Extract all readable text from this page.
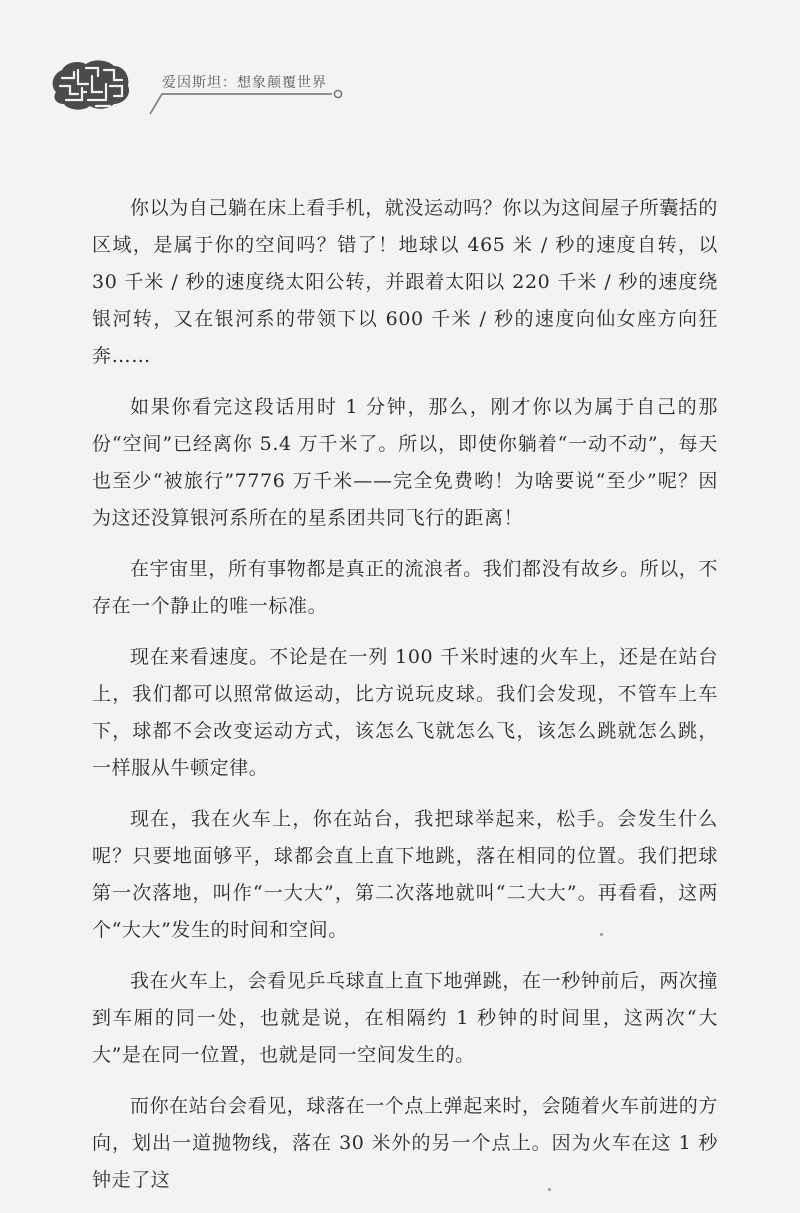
爱因斯坦：想象颠覆世界

你以为自己躺在床上看手机，就没运动吗？你以为这间屋子所囊括的区域，是属于你的空间吗？错了！地球以 465 米 / 秒的速度自转，以 30 千米 / 秒的速度绕太阳公转，并跟着太阳以 220 千米 / 秒的速度绕银河转，又在银河系的带领下以 600 千米 / 秒的速度向仙女座方向狂奔……

如果你看完这段话用时 1 分钟，那么，刚才你以为属于自己的那份“空间”已经离你 5.4 万千米了。所以，即使你躺着“一动不动”，每天也至少“被旅行”7776 万千米——完全免费哟！为啥要说“至少”呢？因为这还没算银河系所在的星系团共同飞行的距离！

在宇宙里，所有事物都是真正的流浪者。我们都没有故乡。所以，不存在一个静止的唯一标准。

现在来看速度。不论是在一列 100 千米时速的火车上，还是在站台上，我们都可以照常做运动，比方说玩皮球。我们会发现，不管车上车下，球都不会改变运动方式，该怎么飞就怎么飞，该怎么跳就怎么跳，一样服从牛顿定律。

现在，我在火车上，你在站台，我把球举起来，松手。会发生什么呢？只要地面够平，球都会直上直下地跳，落在相同的位置。我们把球第一次落地，叫作“一大大”，第二次落地就叫“二大大”。再看看，这两个“大大”发生的时间和空间。

我在火车上，会看见乒乓球直上直下地弹跳，在一秒钟前后，两次撞到车厢的同一处，也就是说，在相隔约 1 秒钟的时间里，这两次“大大”是在同一位置，也就是同一空间发生的。

而你在站台会看见，球落在一个点上弹起来时，会随着火车前进的方向，划出一道抛物线，落在 30 米外的另一个点上。因为火车在这 1 秒钟走了这
